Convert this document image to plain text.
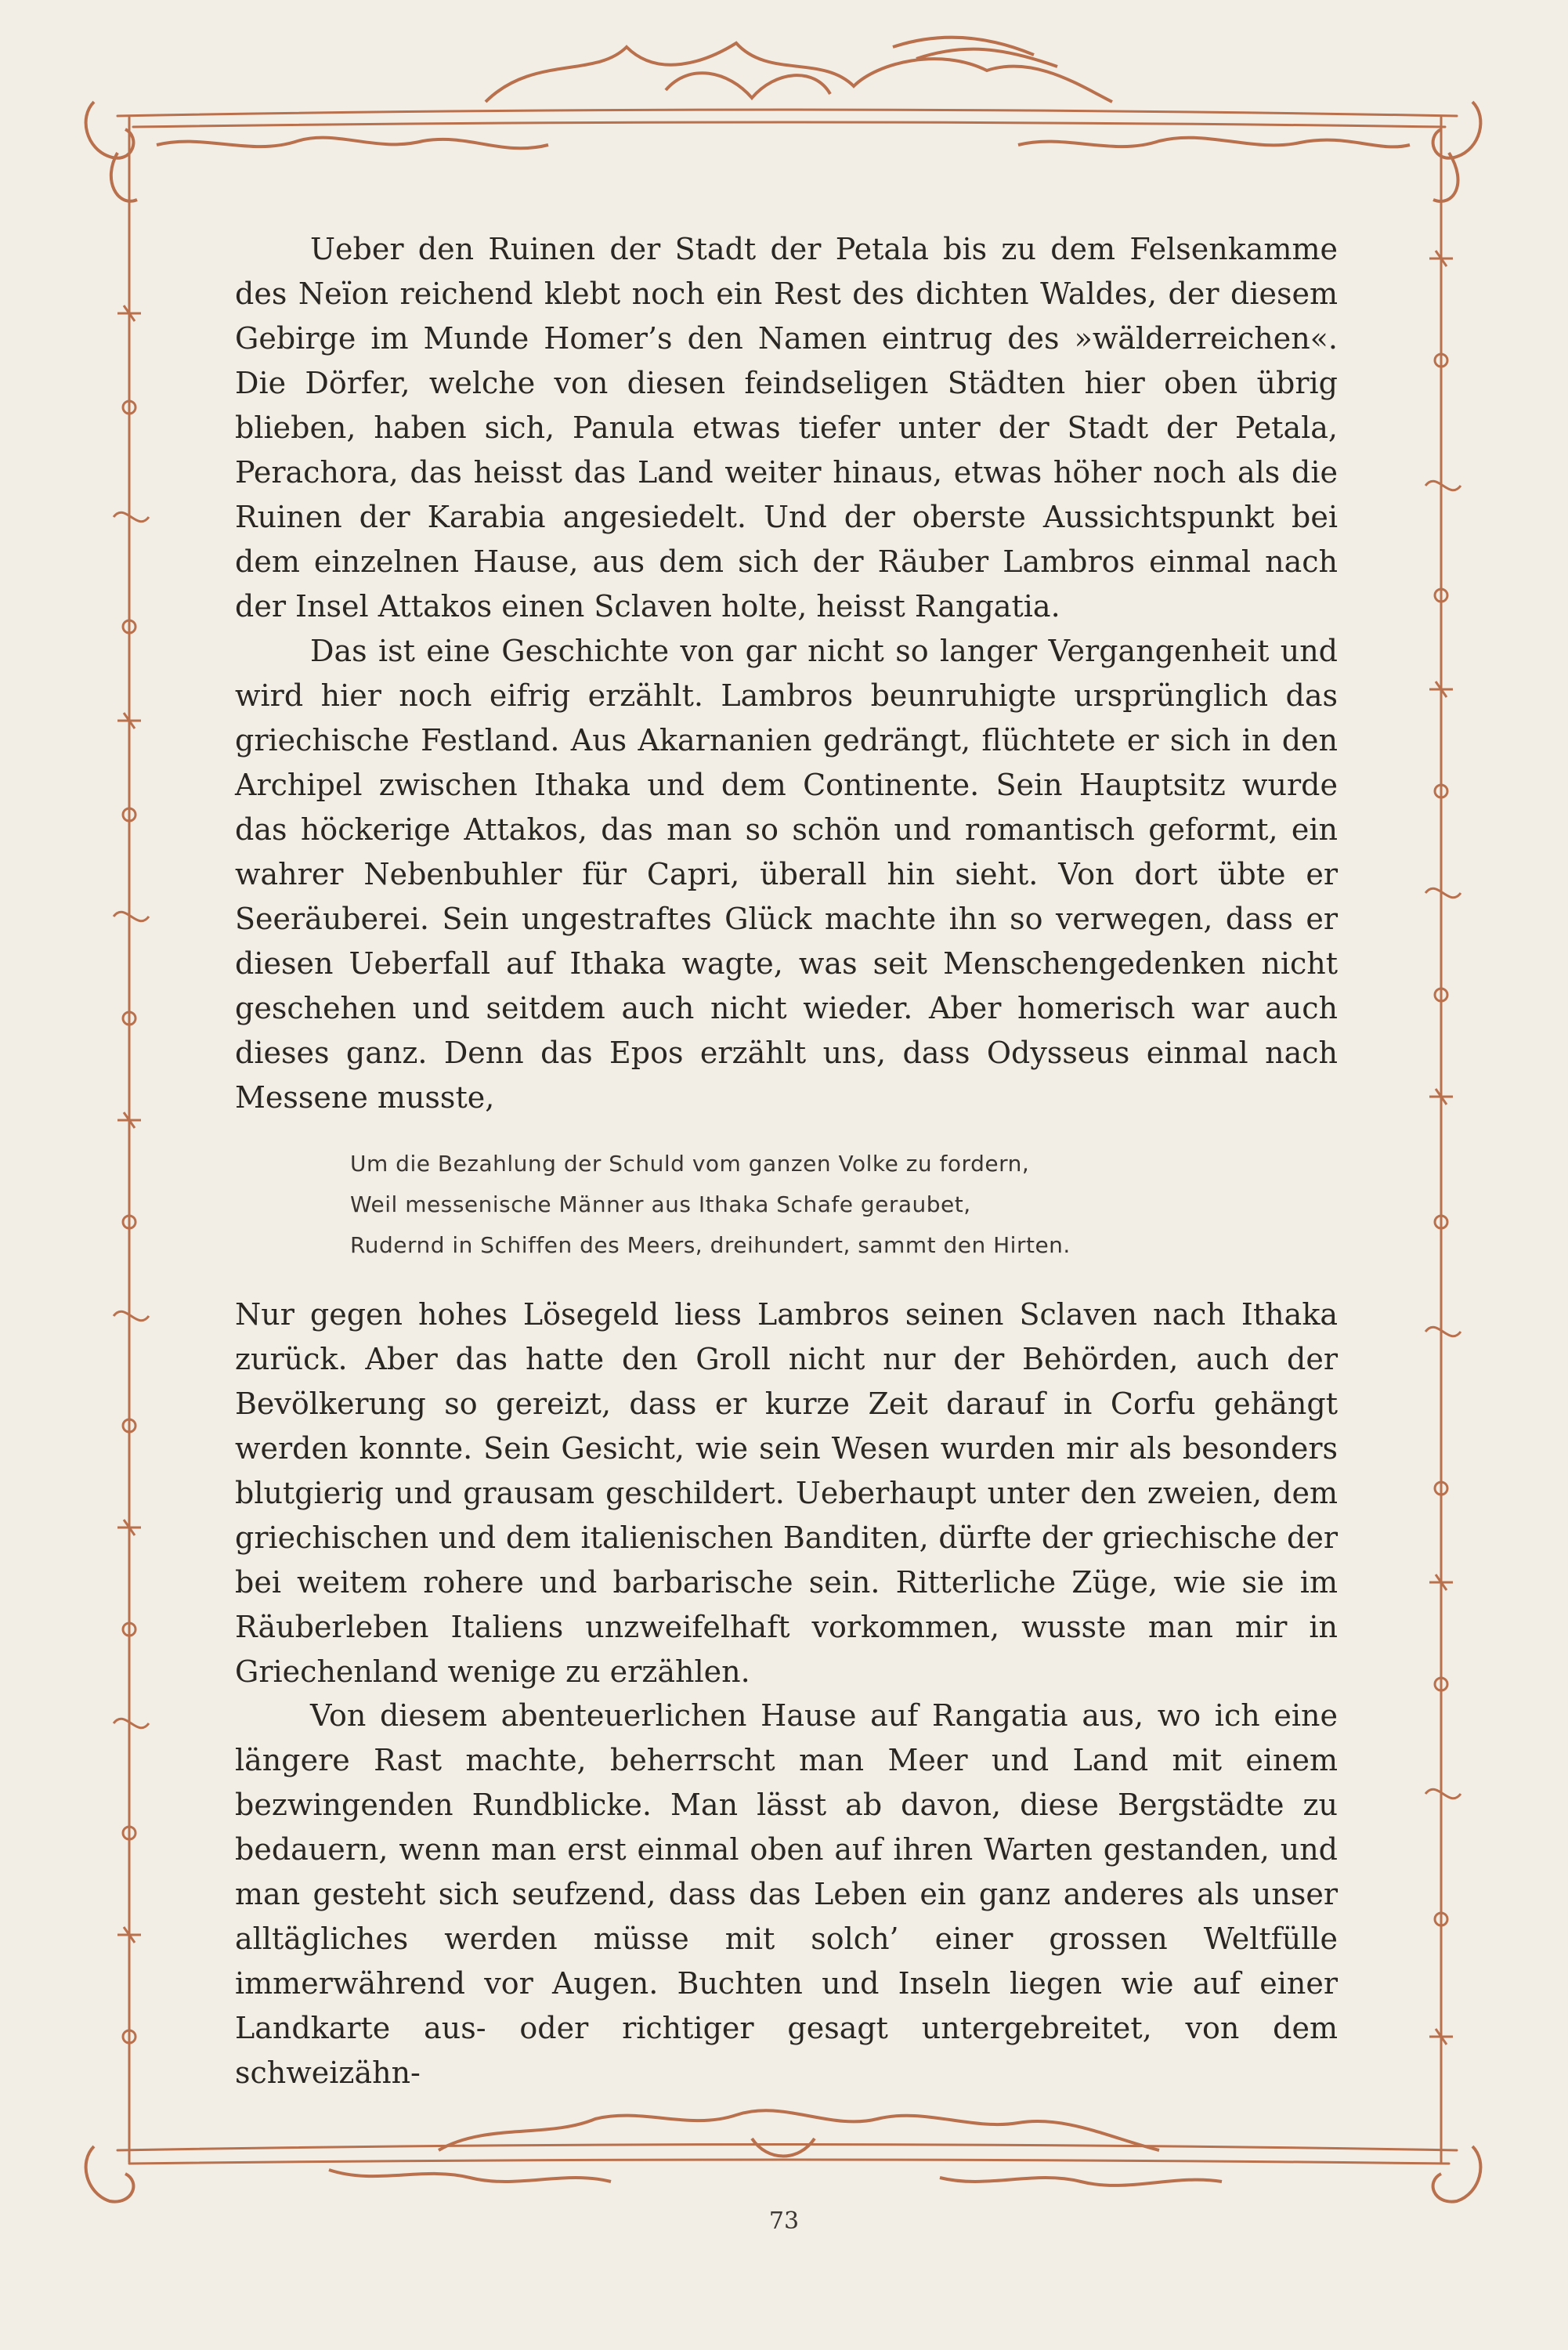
Ueber den Ruinen der Stadt der Petala bis zu dem Felsenkamme des Neïon reichend klebt noch ein Rest des dichten Waldes, der diesem Gebirge im Munde Homer’s den Namen eintrug des »wälderreichen«. Die Dörfer, welche von diesen feindseligen Städten hier oben übrig blieben, haben sich, Panula etwas tiefer unter der Stadt der Petala, Perachora, das heisst das Land weiter hinaus, etwas höher noch als die Ruinen der Karabia angesiedelt. Und der oberste Aussichtspunkt bei dem einzelnen Hause, aus dem sich der Räuber Lambros einmal nach der Insel Attakos einen Sclaven holte, heisst Rangatia.

Das ist eine Geschichte von gar nicht so langer Vergangenheit und wird hier noch eifrig erzählt. Lambros beunruhigte ursprünglich das griechische Festland. Aus Akarnanien gedrängt, flüchtete er sich in den Archipel zwischen Ithaka und dem Continente. Sein Hauptsitz wurde das höckerige Attakos, das man so schön und romantisch geformt, ein wahrer Nebenbuhler für Capri, überall hin sieht. Von dort übte er Seeräuberei. Sein ungestraftes Glück machte ihn so verwegen, dass er diesen Ueberfall auf Ithaka wagte, was seit Menschengedenken nicht geschehen und seitdem auch nicht wieder. Aber homerisch war auch dieses ganz. Denn das Epos erzählt uns, dass Odysseus einmal nach Messene musste,

Um die Bezahlung der Schuld vom ganzen Volke zu fordern,
Weil messenische Männer aus Ithaka Schafe geraubet,
Rudernd in Schiffen des Meers, dreihundert, sammt den Hirten.

Nur gegen hohes Lösegeld liess Lambros seinen Sclaven nach Ithaka zurück. Aber das hatte den Groll nicht nur der Behörden, auch der Bevölkerung so gereizt, dass er kurze Zeit darauf in Corfu gehängt werden konnte. Sein Gesicht, wie sein Wesen wurden mir als besonders blutgierig und grausam geschildert. Ueberhaupt unter den zweien, dem griechischen und dem italienischen Banditen, dürfte der griechische der bei weitem rohere und barbarische sein. Ritterliche Züge, wie sie im Räuberleben Italiens unzweifelhaft vorkommen, wusste man mir in Griechenland wenige zu erzählen.

Von diesem abenteuerlichen Hause auf Rangatia aus, wo ich eine längere Rast machte, beherrscht man Meer und Land mit einem bezwingenden Rundblicke. Man lässt ab davon, diese Bergstädte zu bedauern, wenn man erst einmal oben auf ihren Warten gestanden, und man gesteht sich seufzend, dass das Leben ein ganz anderes als unser alltägliches werden müsse mit solch’ einer grossen Weltfülle immerwährend vor Augen. Buchten und Inseln liegen wie auf einer Landkarte aus- oder richtiger gesagt untergebreitet, von dem schweizähn-

73
